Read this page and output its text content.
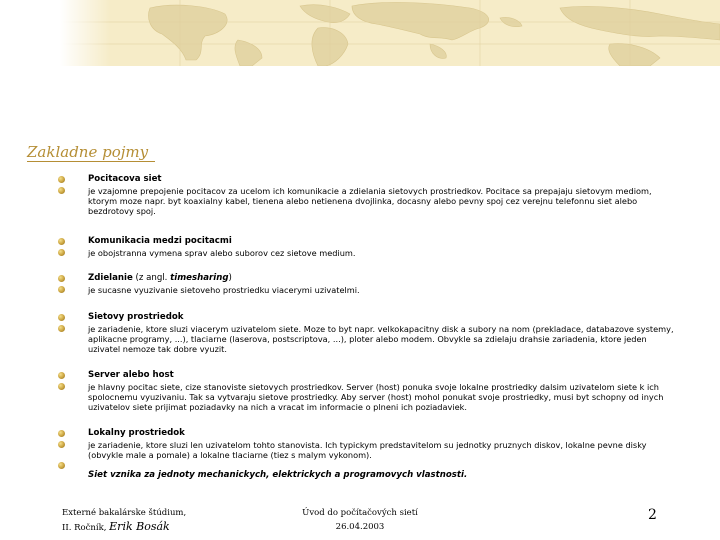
Zakladne pojmy
Pocitacova siet
je vzajomne prepojenie pocitacov za ucelom ich komunikacie a zdielania sietovych prostriedkov. Pocitace sa prepajaju sietovym mediom, ktorym moze napr. byt koaxialny kabel, tienena alebo netienena dvojlinka, docasny alebo pevny spoj cez verejnu telefonnu siet alebo bezdrotovy spoj.
Komunikacia medzi pocitacmi
je obojstranna vymena sprav alebo suborov cez sietove medium.
Zdielanie (z angl. timesharing)
je sucasne vyuzivanie sietoveho prostriedku viacerymi uzivatelmi.
Sietovy prostriedok
je zariadenie, ktore sluzi viacerym uzivatelom siete. Moze to byt napr. velkokapacitny disk a subory na nom (prekladace, databazove systemy, aplikacne programy, ...), tlaciarne (laserova, postscriptova, ...), ploter alebo modem. Obvykle sa zdielaju drahsie zariadenia, ktore jeden uzivatel nemoze tak dobre vyuzit.
Server alebo host
je hlavny pocitac siete, cize stanoviste sietovych prostriedkov. Server (host) ponuka svoje lokalne prostriedky dalsim uzivatelom siete k ich spolocnemu vyuzivaniu. Tak sa vytvaraju sietove prostriedky. Aby server (host) mohol ponukat svoje prostriedky, musi byt schopny od inych uzivatelov siete prijimat poziadavky na nich a vracat im informacie o plneni ich poziadaviek.
Lokalny prostriedok
je zariadenie, ktore sluzi len uzivatelom tohto stanovista. Ich typickym predstavitelom su jednotky pruznych diskov, lokalne pevne disky (obvykle male a pomale) a lokalne tlaciarne (tiez s malym vykonom).
Siet vznika za jednoty mechanickych, elektrickych a programovych vlastnosti.
Externé bakalárske štúdium,
II. Ročník, Erik Bosák
Úvod do počítačových sietí
26.04.2003
2
